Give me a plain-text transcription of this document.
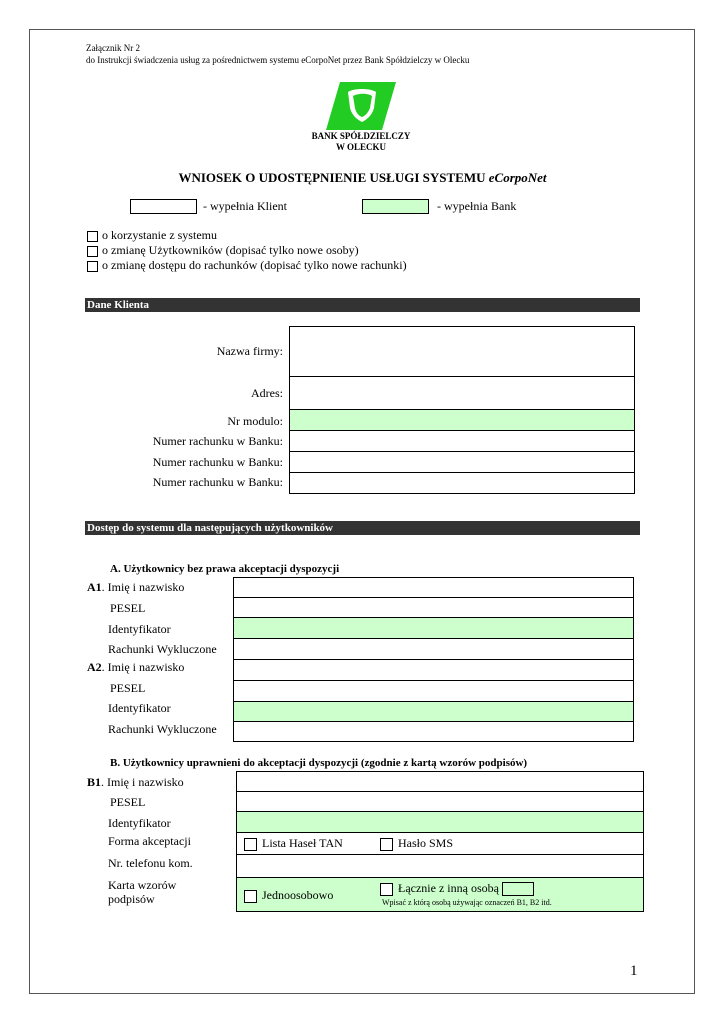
Załącznik Nr 2
do Instrukcji świadczenia usług za pośrednictwem systemu eCorpoNet przez Bank Spółdzielczy w Olecku
BANK SPÓŁDZIELCZY
W OLECKU
WNIOSEK O UDOSTĘPNIENIE USŁUGI SYSTEMU eCorpoNet
- wypełnia Klient	- wypełnia Bank
o korzystanie z systemu
o zmianę Użytkowników (dopisać tylko nowe osoby)
o zmianę dostępu do rachunków (dopisać tylko nowe rachunki)
Dane Klienta
Nazwa firmy:
Adres:
Nr modulo:
Numer rachunku w Banku:
Numer rachunku w Banku:
Numer rachunku w Banku:
Dostęp do systemu dla następujących użytkowników
A. Użytkownicy bez prawa akceptacji dyspozycji
A1. Imię i nazwisko
PESEL
Identyfikator
Rachunki Wykluczone
A2. Imię i nazwisko
PESEL
Identyfikator
Rachunki Wykluczone
B. Użytkownicy uprawnieni do akceptacji dyspozycji (zgodnie z kartą wzorów podpisów)
B1. Imię i nazwisko
PESEL
Identyfikator
Forma akceptacji	Lista Haseł TAN	Hasło SMS
Nr. telefonu kom.
Karta wzorów
podpisów	Jednoosobowo	Łącznie z inną osobą
Wpisać z którą osobą używając oznaczeń B1, B2 itd.
1
